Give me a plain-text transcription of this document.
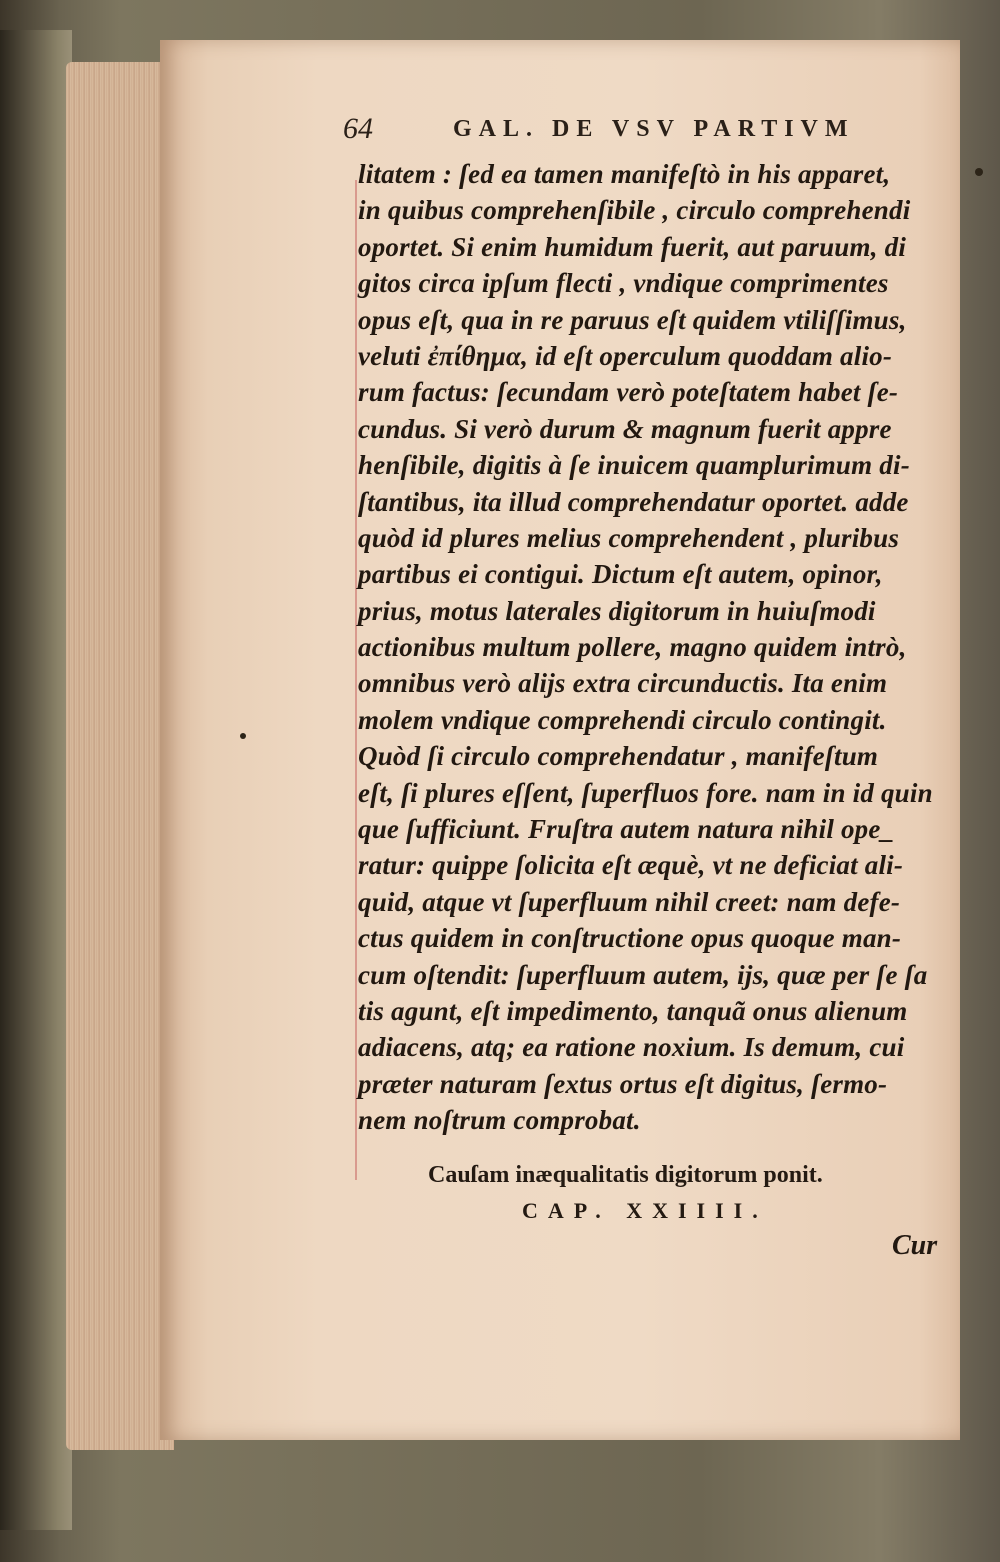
64	GAL. DE VSV PARTIVM
litatem : ſed ea tamen manifeſtò in his apparet,
in quibus comprehenſibile , circulo comprehendi
oportet. Si enim humidum fuerit, aut paruum, di
gitos circa ipſum flecti , vndique comprimentes
opus eſt, qua in re paruus eſt quidem vtiliſſimus,
veluti ἐπίθημα, id eſt operculum quoddam alio-
rum factus: ſecundam verò poteſtatem habet ſe-
cundus. Si verò durum & magnum fuerit appre
henſibile, digitis à ſe inuicem quamplurimum di-
ſtantibus, ita illud comprehendatur oportet. adde
quòd id plures melius comprehendent , pluribus
partibus ei contigui. Dictum eſt autem, opinor,
prius, motus laterales digitorum in huiuſmodi
actionibus multum pollere, magno quidem intrò,
omnibus verò alijs extra circunductis. Ita enim
molem vndique comprehendi circulo contingit.
Quòd ſi circulo comprehendatur , manifeſtum
eſt, ſi plures eſſent, ſuperfluos fore. nam in id quin
que ſufficiunt. Fruſtra autem natura nihil ope_
ratur: quippe ſolicita eſt æquè, vt ne deficiat ali-
quid, atque vt ſuperfluum nihil creet: nam defe-
ctus quidem in conſtructione opus quoque man-
cum oſtendit: ſuperfluum autem, ijs, quæ per ſe ſa
tis agunt, eſt impedimento, tanquã onus alienum
adiacens, atq; ea ratione noxium. Is demum, cui
præter naturam ſextus ortus eſt digitus, ſermo-
nem noſtrum comprobat.
Cauſam inæqualitatis digitorum ponit.
CAP. XXIIII.
Cur
